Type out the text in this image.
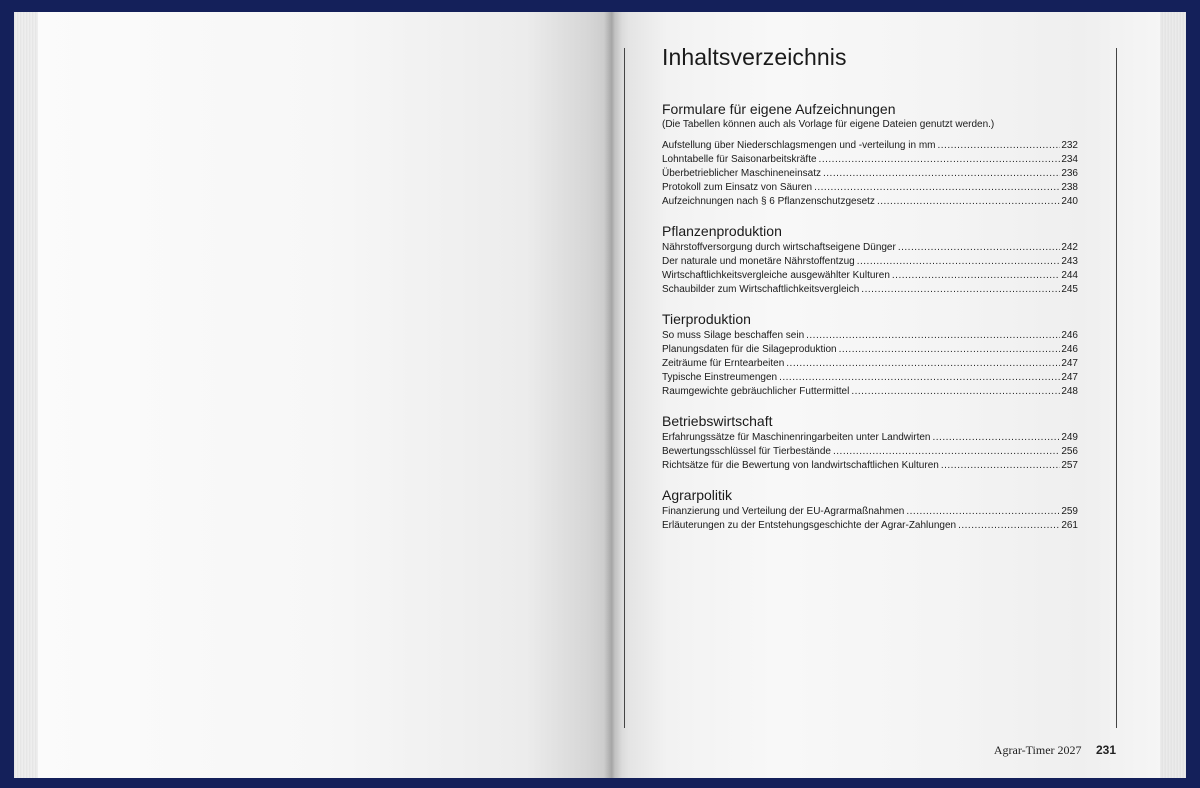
Inhaltsverzeichnis
Formulare für eigene Aufzeichnungen
(Die Tabellen können auch als Vorlage für eigene Dateien genutzt werden.)
Aufstellung über Niederschlagsmengen und -verteilung in mm .....	232
Lohntabelle für Saisonarbeitskräfte .....	234
Überbetrieblicher Maschineneinsatz .....	236
Protokoll zum Einsatz von Säuren .....	238
Aufzeichnungen nach § 6 Pflanzenschutzgesetz .....	240
Pflanzenproduktion
Nährstoffversorgung durch wirtschaftseigene Dünger .....	242
Der naturale und monetäre Nährstoffentzug .....	243
Wirtschaftlichkeitsvergleiche ausgewählter Kulturen .....	244
Schaubilder zum Wirtschaftlichkeitsvergleich .....	245
Tierproduktion
So muss Silage beschaffen sein .....	246
Planungsdaten für die Silageproduktion .....	246
Zeiträume für Erntearbeiten .....	247
Typische Einstreumengen .....	247
Raumgewichte gebräuchlicher Futtermittel .....	248
Betriebswirtschaft
Erfahrungssätze für Maschinenringarbeiten unter Landwirten .....	249
Bewertungsschlüssel für Tierbestände .....	256
Richtsätze für die Bewertung von landwirtschaftlichen Kulturen .....	257
Agrarpolitik
Finanzierung und Verteilung der EU-Agrarmaßnahmen .....	259
Erläuterungen zu der Entstehungsgeschichte der Agrar-Zahlungen .....	261
Agrar-Timer 2027 231
